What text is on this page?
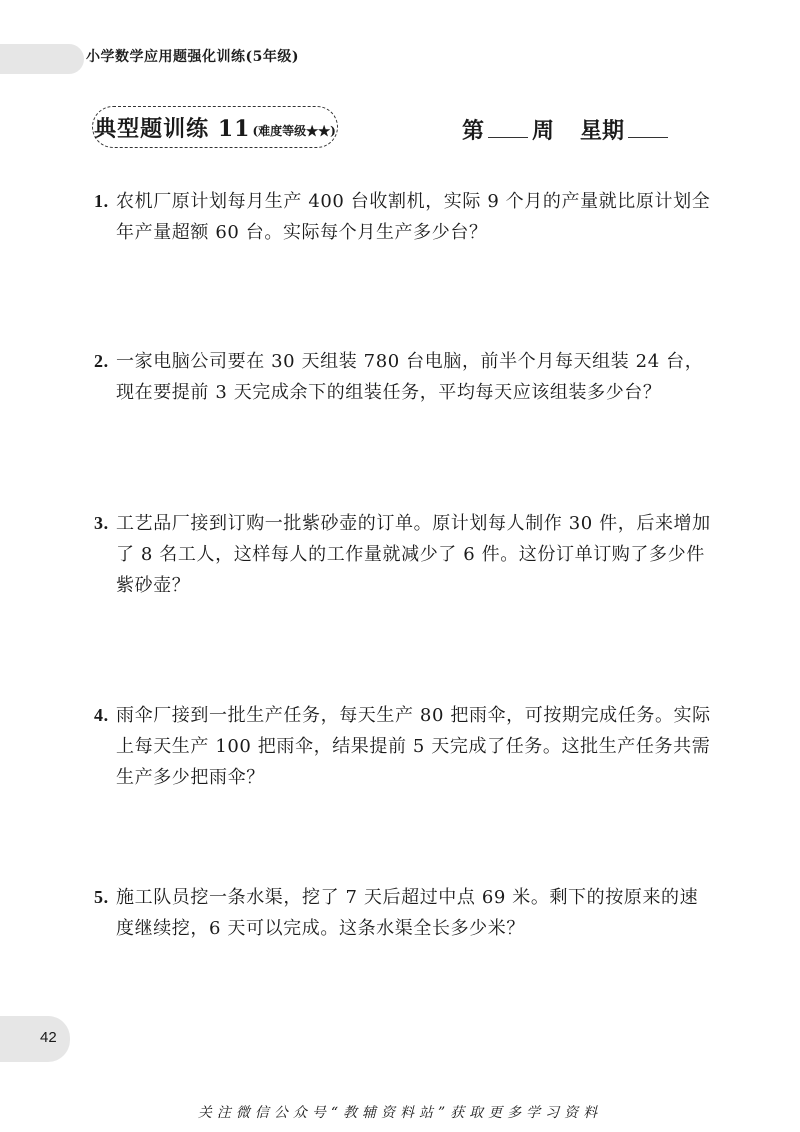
小学数学应用题强化训练(5年级)
典型题训练 11 (难度等级★★)	第 周 星期
1. 农机厂原计划每月生产 400 台收割机，实际 9 个月的产量就比原计划全年产量超额 60 台。实际每个月生产多少台？
2. 一家电脑公司要在 30 天组装 780 台电脑，前半个月每天组装 24 台，现在要提前 3 天完成余下的组装任务，平均每天应该组装多少台？
3. 工艺品厂接到订购一批紫砂壶的订单。原计划每人制作 30 件，后来增加了 8 名工人，这样每人的工作量就减少了 6 件。这份订单订购了多少件紫砂壶？
4. 雨伞厂接到一批生产任务，每天生产 80 把雨伞，可按期完成任务。实际上每天生产 100 把雨伞，结果提前 5 天完成了任务。这批生产任务共需生产多少把雨伞？
5. 施工队员挖一条水渠，挖了 7 天后超过中点 69 米。剩下的按原来的速度继续挖，6 天可以完成。这条水渠全长多少米？
42
关注微信公众号“教辅资料站”获取更多学习资料
